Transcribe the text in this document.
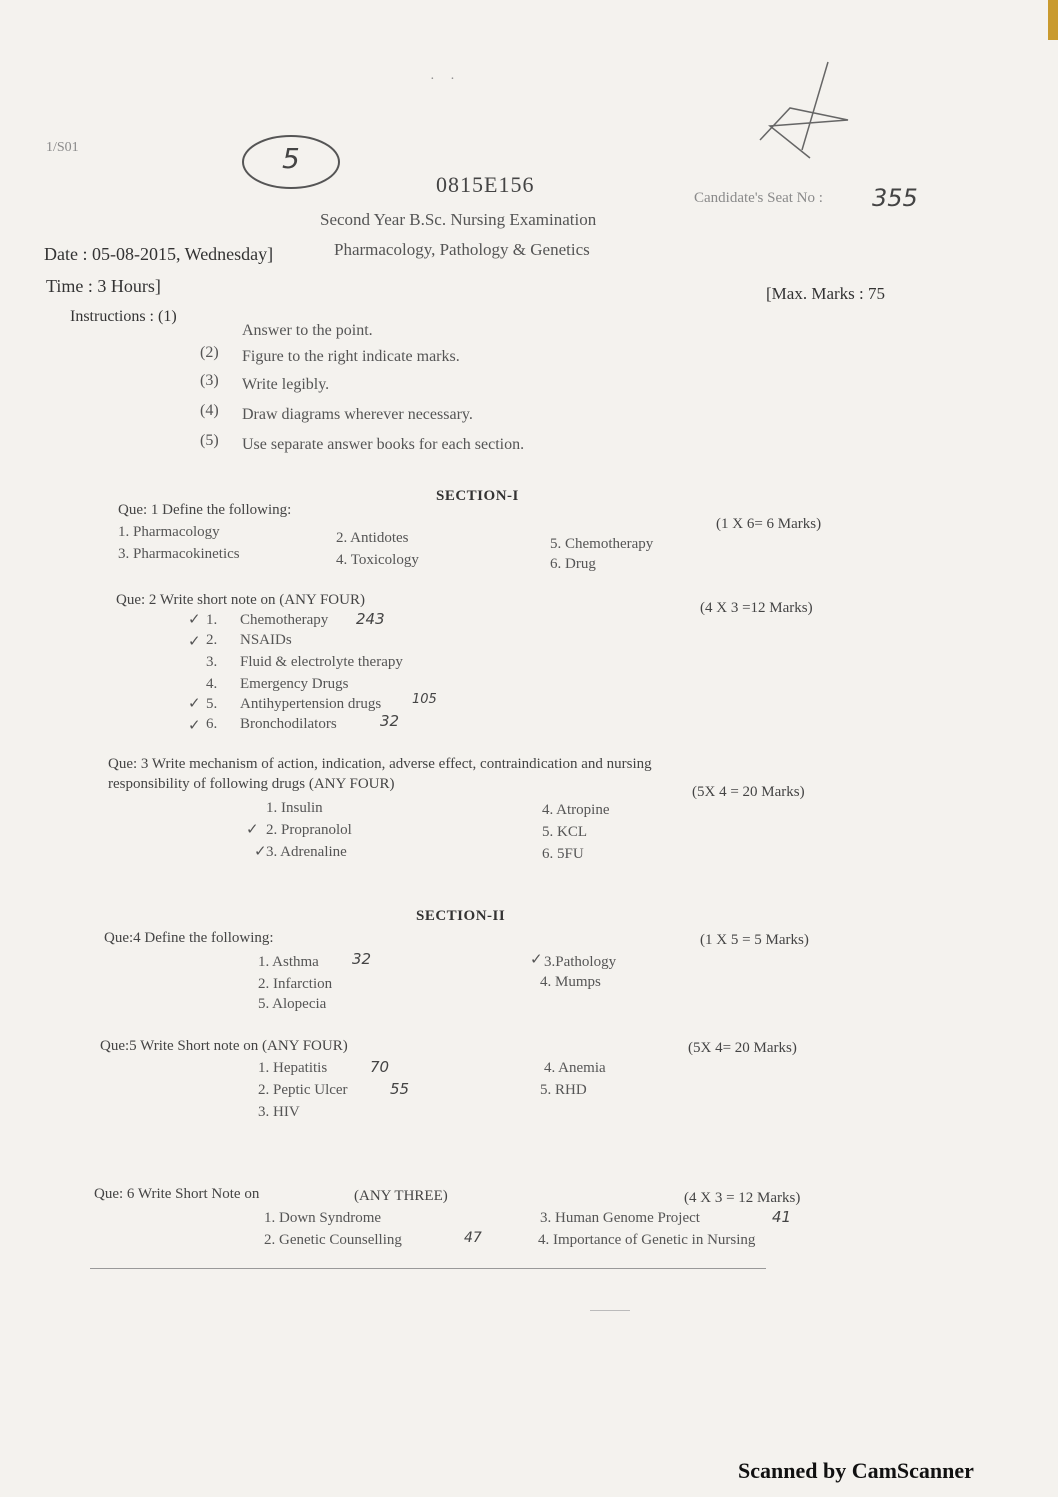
1/S01
· ·
5
0815E156
Candidate's Seat No : 355
Second Year B.Sc. Nursing Examination
Pharmacology, Pathology & Genetics
Date : 05-08-2015, Wednesday]
Time : 3 Hours]	[Max. Marks : 75
Instructions : (1)
Answer to the point.
(2) Figure to the right indicate marks.
(3) Write legibly.
(4) Draw diagrams wherever necessary.
(5) Use separate answer books for each section.
SECTION-I
Que: 1 Define the following:
(1 X 6= 6 Marks)
1. Pharmacology
3. Pharmacokinetics
2. Antidotes
4. Toxicology
5. Chemotherapy
6. Drug
Que: 2 Write short note on (ANY FOUR)	(4 X 3 =12 Marks)
✓ 1. Chemotherapy 243
✓ 2. NSAIDs
3. Fluid & electrolyte therapy
4. Emergency Drugs
✓ 5. Antihypertension drugs 105
✓ 6. Bronchodilators	32
Que: 3 Write mechanism of action, indication, adverse effect, contraindication and nursing
responsibility of following drugs (ANY FOUR)	(5X 4 = 20 Marks)
1. Insulin
✓ 2. Propranolol
✓ 3. Adrenaline
4. Atropine
5. KCL
6. 5FU
SECTION-II
Que:4 Define the following:	(1 X 5 = 5 Marks)
1. Asthma 32
2. Infarction
5. Alopecia
✓ 3.Pathology
4. Mumps
Que:5 Write Short note on (ANY FOUR)	(5X 4= 20 Marks)
1. Hepatitis	70
2. Peptic Ulcer	55
3. HIV
4. Anemia
5. RHD
Que: 6 Write Short Note on	(ANY THREE)	(4 X 3 = 12 Marks)
1. Down Syndrome
2. Genetic Counselling	47
3. Human Genome Project	41
4. Importance of Genetic in Nursing
Scanned by CamScanner
